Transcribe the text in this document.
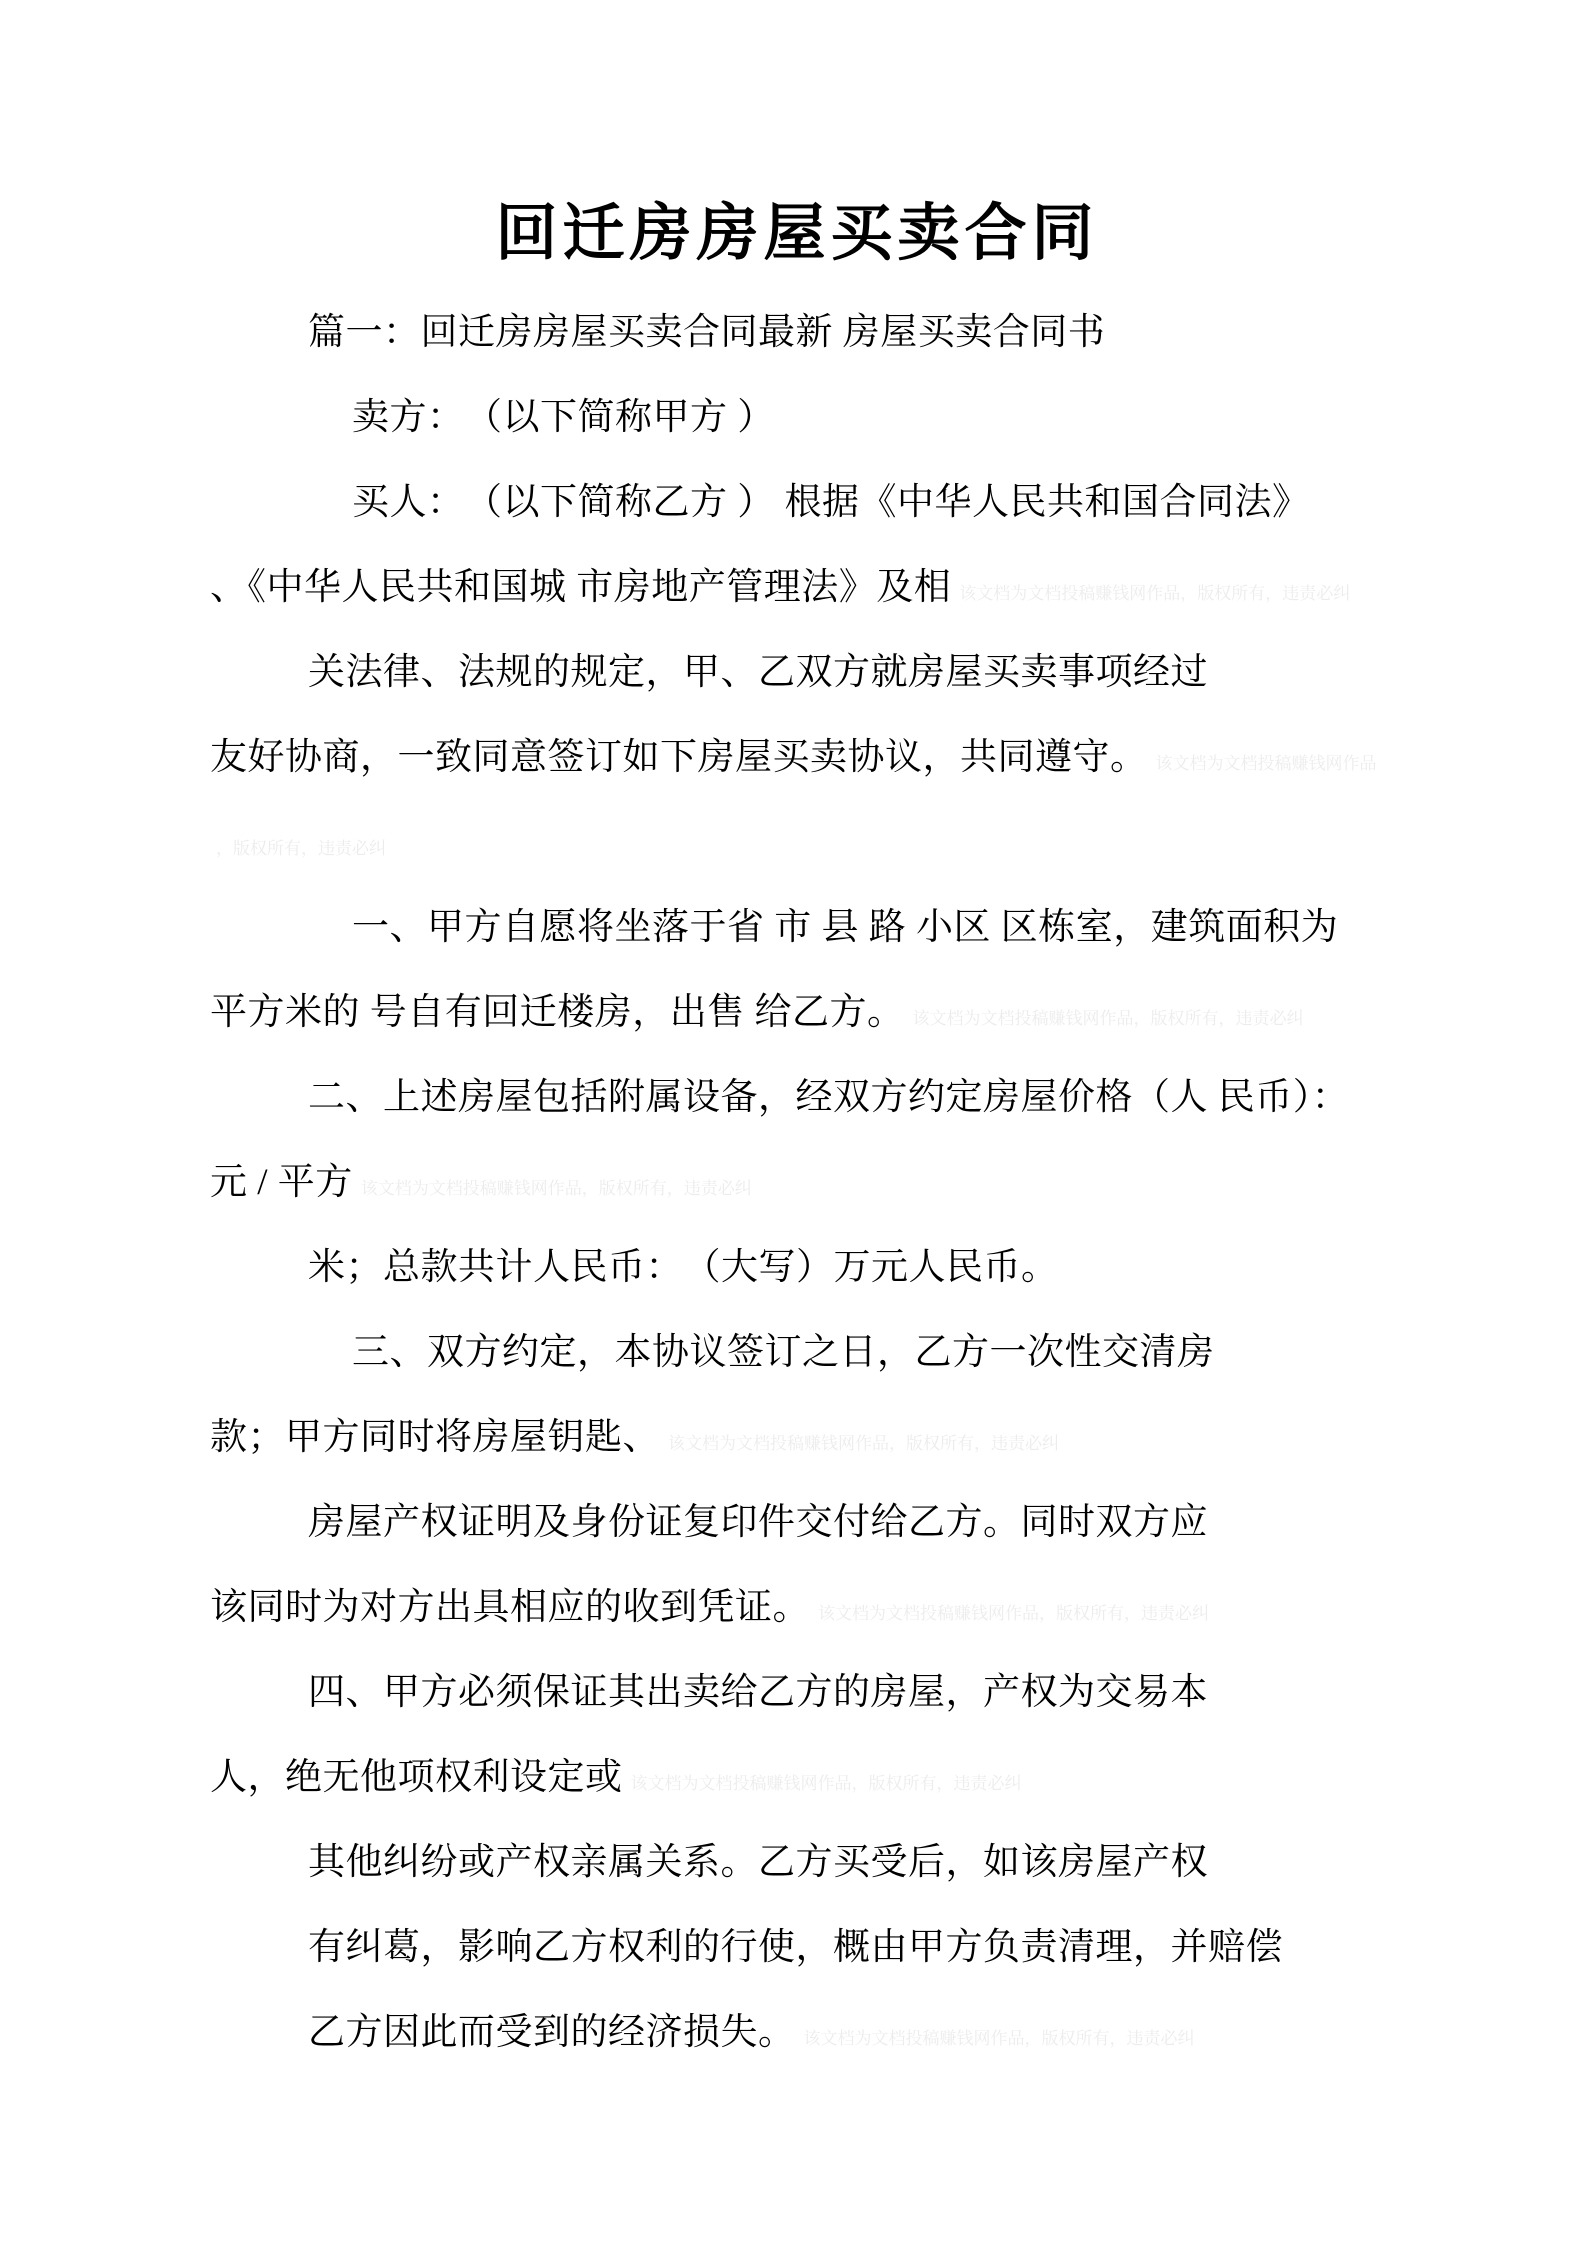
回迁房房屋买卖合同
篇一：回迁房房屋买卖合同最新 房屋买卖合同书
卖方：　（以下简称甲方 ）
买人：　（以下简称乙方 ） 根据《中华人民共和国合同法》
、《中华人民共和国城 市房地产管理法》及相 该文档为文档投稿赚钱网作品，版权所有，违责必纠
关法律、法规的规定，甲、乙双方就房屋买卖事项经过
友好协商，一致同意签订如下房屋买卖协议，共同遵守。 该文档为文档投稿赚钱网作品
，版权所有，违责必纠
一、甲方自愿将坐落于省 市 县 路 小区 区栋室，建筑面积为
平方米的 号自有回迁楼房，出售 给乙方。 该文档为文档投稿赚钱网作品，版权所有，违责必纠
二、上述房屋包括附属设备，经双方约定房屋价格（人 民币）：
元 / 平方 该文档为文档投稿赚钱网作品，版权所有，违责必纠
米；总款共计人民币：　（大写）万元人民币。
三、双方约定，本协议签订之日，乙方一次性交清房
款；甲方同时将房屋钥匙、 该文档为文档投稿赚钱网作品，版权所有，违责必纠
房屋产权证明及身份证复印件交付给乙方。同时双方应
该同时为对方出具相应的收到凭证。 该文档为文档投稿赚钱网作品，版权所有，违责必纠
四、甲方必须保证其出卖给乙方的房屋，产权为交易本
人，绝无他项权利设定或 该文档为文档投稿赚钱网作品，版权所有，违责必纠
其他纠纷或产权亲属关系。乙方买受后，如该房屋产权
有纠葛，影响乙方权利的行使，概由甲方负责清理，并赔偿
乙方因此而受到的经济损失。 该文档为文档投稿赚钱网作品，版权所有，违责必纠
